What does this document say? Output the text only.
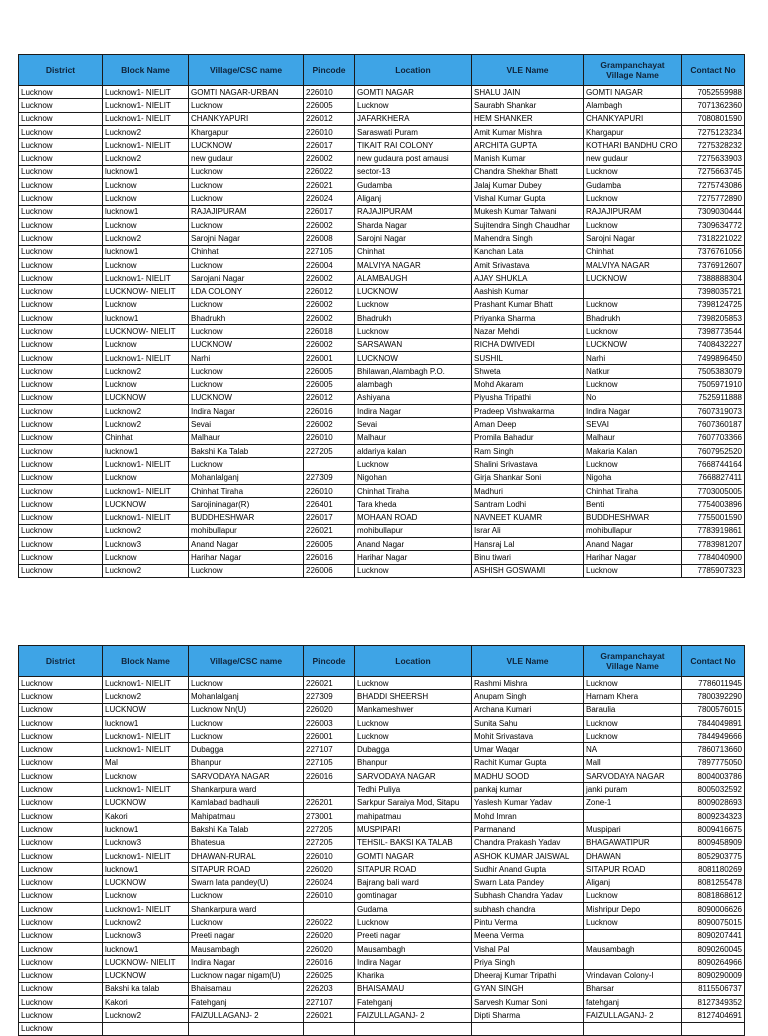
District	Block Name	Village/CSC name	Pincode	Location	VLE Name	Grampanchayat Village Name	Contact No
Lucknow	Lucknow1- NIELIT	GOMTI NAGAR-URBAN	226010	GOMTI NAGAR	SHALU JAIN	GOMTI NAGAR	7052559988
Lucknow	Lucknow1- NIELIT	Lucknow	226005	Lucknow	Saurabh Shankar	Alambagh	7071362360
Lucknow	Lucknow1- NIELIT	CHANKYAPURI	226012	JAFARKHERA	HEM SHANKER	CHANKYAPURI	7080801590
Lucknow	Lucknow2	Khargapur	226010	Saraswati Puram	Amit Kumar Mishra	Khargapur	7275123234
Lucknow	Lucknow1- NIELIT	LUCKNOW	226017	TIKAIT RAI COLONY	ARCHITA GUPTA	KOTHARI BANDHU CRO	7275328232
Lucknow	Lucknow2	new gudaur	226002	new gudaura post amausi	Manish Kumar	new gudaur	7275633903
Lucknow	lucknow1	Lucknow	226022	sector-13	Chandra Shekhar Bhatt	Lucknow	7275663745
Lucknow	Lucknow	Lucknow	226021	Gudamba	Jalaj Kumar Dubey	Gudamba	7275743086
Lucknow	Lucknow	Lucknow	226024	Aliganj	Vishal Kumar Gupta	Lucknow	7275772890
Lucknow	lucknow1	RAJAJIPURAM	226017	RAJAJIPURAM	Mukesh Kumar Talwani	RAJAJIPURAM	7309030444
Lucknow	Lucknow	Lucknow	226002	Sharda Nagar	Sujitendra Singh Chaudhar	Lucknow	7309634772
Lucknow	Lucknow2	Sarojni Nagar	226008	Sarojni Nagar	Mahendra Singh	Sarojni Nagar	7318221022
Lucknow	lucknow1	Chinhat	227105	Chinhat	Kanchan Lata	Chinhat	7376761056
Lucknow	Lucknow	Lucknow	226004	MALVIYA NAGAR	Amit Srivastava	MALVIYA NAGAR	7376912607
Lucknow	Lucknow1- NIELIT	Sarojani Nagar	226002	ALAMBAUGH	AJAY SHUKLA	LUCKNOW	7388888304
Lucknow	LUCKNOW- NIELIT	LDA COLONY	226012	LUCKNOW	Aashish Kumar		7398035721
Lucknow	Lucknow	Lucknow	226002	Lucknow	Prashant Kumar Bhatt	Lucknow	7398124725
Lucknow	lucknow1	Bhadrukh	226002	Bhadrukh	Priyanka Sharma	Bhadrukh	7398205853
Lucknow	LUCKNOW- NIELIT	Lucknow	226018	Lucknow	Nazar Mehdi	Lucknow	7398773544
Lucknow	Lucknow	LUCKNOW	226002	SARSAWAN	RICHA DWIVEDI	LUCKNOW	7408432227
Lucknow	Lucknow1- NIELIT	Narhi	226001	LUCKNOW	SUSHIL	Narhi	7499896450
Lucknow	Lucknow2	Lucknow	226005	Bhilawan,Alambagh P.O.	Shweta	Natkur	7505383079
Lucknow	Lucknow	Lucknow	226005	alambagh	Mohd Akaram	Lucknow	7505971910
Lucknow	LUCKNOW	LUCKNOW	226012	Ashiyana	Piyusha Tripathi	No	7525911888
Lucknow	Lucknow2	Indira Nagar	226016	Indira Nagar	Pradeep Vishwakarma	Indira Nagar	7607319073
Lucknow	Lucknow2	Sevai	226002	Sevai	Aman Deep	SEVAI	7607360187
Lucknow	Chinhat	Malhaur	226010	Malhaur	Promila Bahadur	Malhaur	7607703366
Lucknow	lucknow1	Bakshi Ka Talab	227205	aldariya kalan	Ram Singh	Makaria Kalan	7607952520
Lucknow	Lucknow1- NIELIT	Lucknow		Lucknow	Shalini Srivastava	Lucknow	7668744164
Lucknow	Lucknow	Mohanlalganj	227309	Nigohan	Girja Shankar Soni	Nigoha	7668827411
Lucknow	Lucknow1- NIELIT	Chinhat Tiraha	226010	Chinhat Tiraha	Madhuri	Chinhat Tiraha	7703005005
Lucknow	LUCKNOW	Sarojininagar(R)	226401	Tara kheda	Santram Lodhi	Benti	7754003896
Lucknow	Lucknow1- NIELIT	BUDDHESHWAR	226017	MOHAAN ROAD	NAVNEET KUAMR	BUDDHESHWAR	7755001590
Lucknow	Lucknow2	mohibullapur	226021	mohibullapur	Israr Ali	mohibullapur	7783919861
Lucknow	Lucknow3	Anand Nagar	226005	Anand Nagar	Hansraj Lal	Anand Nagar	7783981207
Lucknow	Lucknow	Harihar Nagar	226016	Harihar Nagar	Binu tiwari	Harihar Nagar	7784040900
Lucknow	Lucknow2	Lucknow	226006	Lucknow	ASHISH GOSWAMI	Lucknow	7785907323
District	Block Name	Village/CSC name	Pincode	Location	VLE Name	Grampanchayat Village Name	Contact No
Lucknow	Lucknow1- NIELIT	Lucknow	226021	Lucknow	Rashmi Mishra	Lucknow	7786011945
Lucknow	Lucknow2	Mohanlalganj	227309	BHADDI SHEERSH	Anupam Singh	Harnam Khera	7800392290
Lucknow	LUCKNOW	Lucknow Nn(U)	226020	Mankameshwer	Archana Kumari	Baraulia	7800576015
Lucknow	lucknow1	Lucknow	226003	Lucknow	Sunita Sahu	Lucknow	7844049891
Lucknow	Lucknow1- NIELIT	Lucknow	226001	Lucknow	Mohit Srivastava	Lucknow	7844949666
Lucknow	Lucknow1- NIELIT	Dubagga	227107	Dubagga	Umar Waqar	NA	7860713660
Lucknow	Mal	Bhanpur	227105	Bhanpur	Rachit Kumar Gupta	Mall	7897775050
Lucknow	Lucknow	SARVODAYA NAGAR	226016	SARVODAYA NAGAR	MADHU SOOD	SARVODAYA NAGAR	8004003786
Lucknow	Lucknow1- NIELIT	Shankarpura ward		Tedhi Puliya	pankaj kumar	janki puram	8005032592
Lucknow	LUCKNOW	Kamlabad badhauli	226201	Sarkpur Saraiya Mod, Sitapu	Yaslesh Kumar Yadav	Zone-1	8009028693
Lucknow	Kakori	Mahipatmau	273001	mahipatmau	Mohd Imran		8009234323
Lucknow	lucknow1	Bakshi Ka Talab	227205	MUSPIPARI	Parmanand	Muspipari	8009416675
Lucknow	Lucknow3	Bhatesua	227205	TEHSIL- BAKSI KA TALAB	Chandra Prakash Yadav	BHAGAWATIPUR	8009458909
Lucknow	Lucknow1- NIELIT	DHAWAN-RURAL	226010	GOMTI NAGAR	ASHOK KUMAR JAISWAL	DHAWAN	8052903775
Lucknow	lucknow1	SITAPUR ROAD	226020	SITAPUR ROAD	Sudhir Anand Gupta	SITAPUR ROAD	8081180269
Lucknow	LUCKNOW	Swarn lata pandey(U)	226024	Bajrang bali ward	Swarn Lata Pandey	Aliganj	8081255478
Lucknow	Lucknow	Lucknow	226010	gomtinagar	Subhash Chandra Yadav	Lucknow	8081868612
Lucknow	Lucknow1- NIELIT	Shankarpura ward		Gudama	subhash chandra	Mishripur Depo	8090006626
Lucknow	Lucknow2	Lucknow	226022	Lucknow	Pintu Verma	Lucknow	8090075015
Lucknow	Lucknow3	Preeti nagar	226020	Preeti nagar	Meena Verma		8090207441
Lucknow	lucknow1	Mausambagh	226020	Mausambagh	Vishal Pal	Mausambagh	8090260045
Lucknow	LUCKNOW- NIELIT	Indira Nagar	226016	Indira Nagar	Priya Singh		8090264966
Lucknow	LUCKNOW	Lucknow nagar nigam(U)	226025	Kharika	Dheeraj Kumar Tripathi	Vrindavan Colony-I	8090290009
Lucknow	Bakshi ka talab	Bhaisamau	226203	BHAISAMAU	GYAN SINGH	Bharsar	8115506737
Lucknow	Kakori	Fatehganj	227107	Fatehganj	Sarvesh Kumar Soni	fatehganj	8127349352
Lucknow	Lucknow2	FAIZULLAGANJ- 2	226021	FAIZULLAGANJ- 2	Dipti Sharma	FAIZULLAGANJ- 2	8127404691
Lucknow							
